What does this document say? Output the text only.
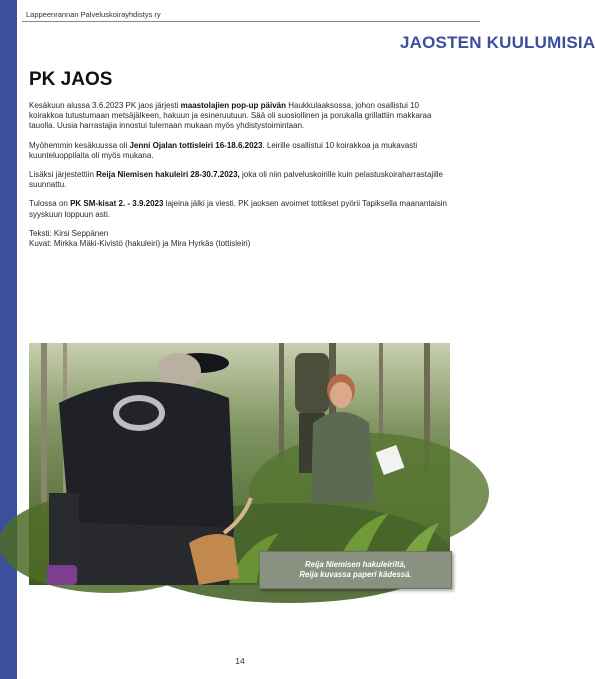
Lappeenrannan Palveluskoirayhdistys ry
JAOSTEN KUULUMISIA
PK JAOS

Kesäkuun alussa 3.6.2023 PK jaos järjesti maastolajien pop-up päivän Haukkulaaksossa, johon osallistui 10 koirakkoa tutustumaan metsäjälkeen, hakuun ja esineruutuun. Sää oli suosiollinen ja porukalla grillattiin makkaraa tauolla. Uusia harrastajia innostui tulemaan mukaan myös yhdistystoimintaan.

Myöhemmin kesäkuussa oli Jenni Ojalan tottisleiri 16-18.6.2023. Leirille osallistui 10 koirakkoa ja mukavasti kuunteluoppilaita oli myös mukana.

Lisäksi järjestettiin Reija Niemisen hakuleiri 28-30.7.2023, joka oli niin palveluskoirille kuin pelastuskoiraharrastajille suunnattu.

Tulossa on PK SM-kisat 2. - 3.9.2023 lajeina jälki ja viesti. PK jaoksen avoimet tottikset pyörii Tapiksella maanantaisin syyskuun loppuun asti.

Teksti: Kirsi Seppänen
Kuvat: Mirkka Mäki-Kivistö (hakuleiri) ja Mira Hyrkäs (tottisleiri)

Reija Niemisen hakuleiriltä,
Reija kuvassa paperi kädessä.
14
